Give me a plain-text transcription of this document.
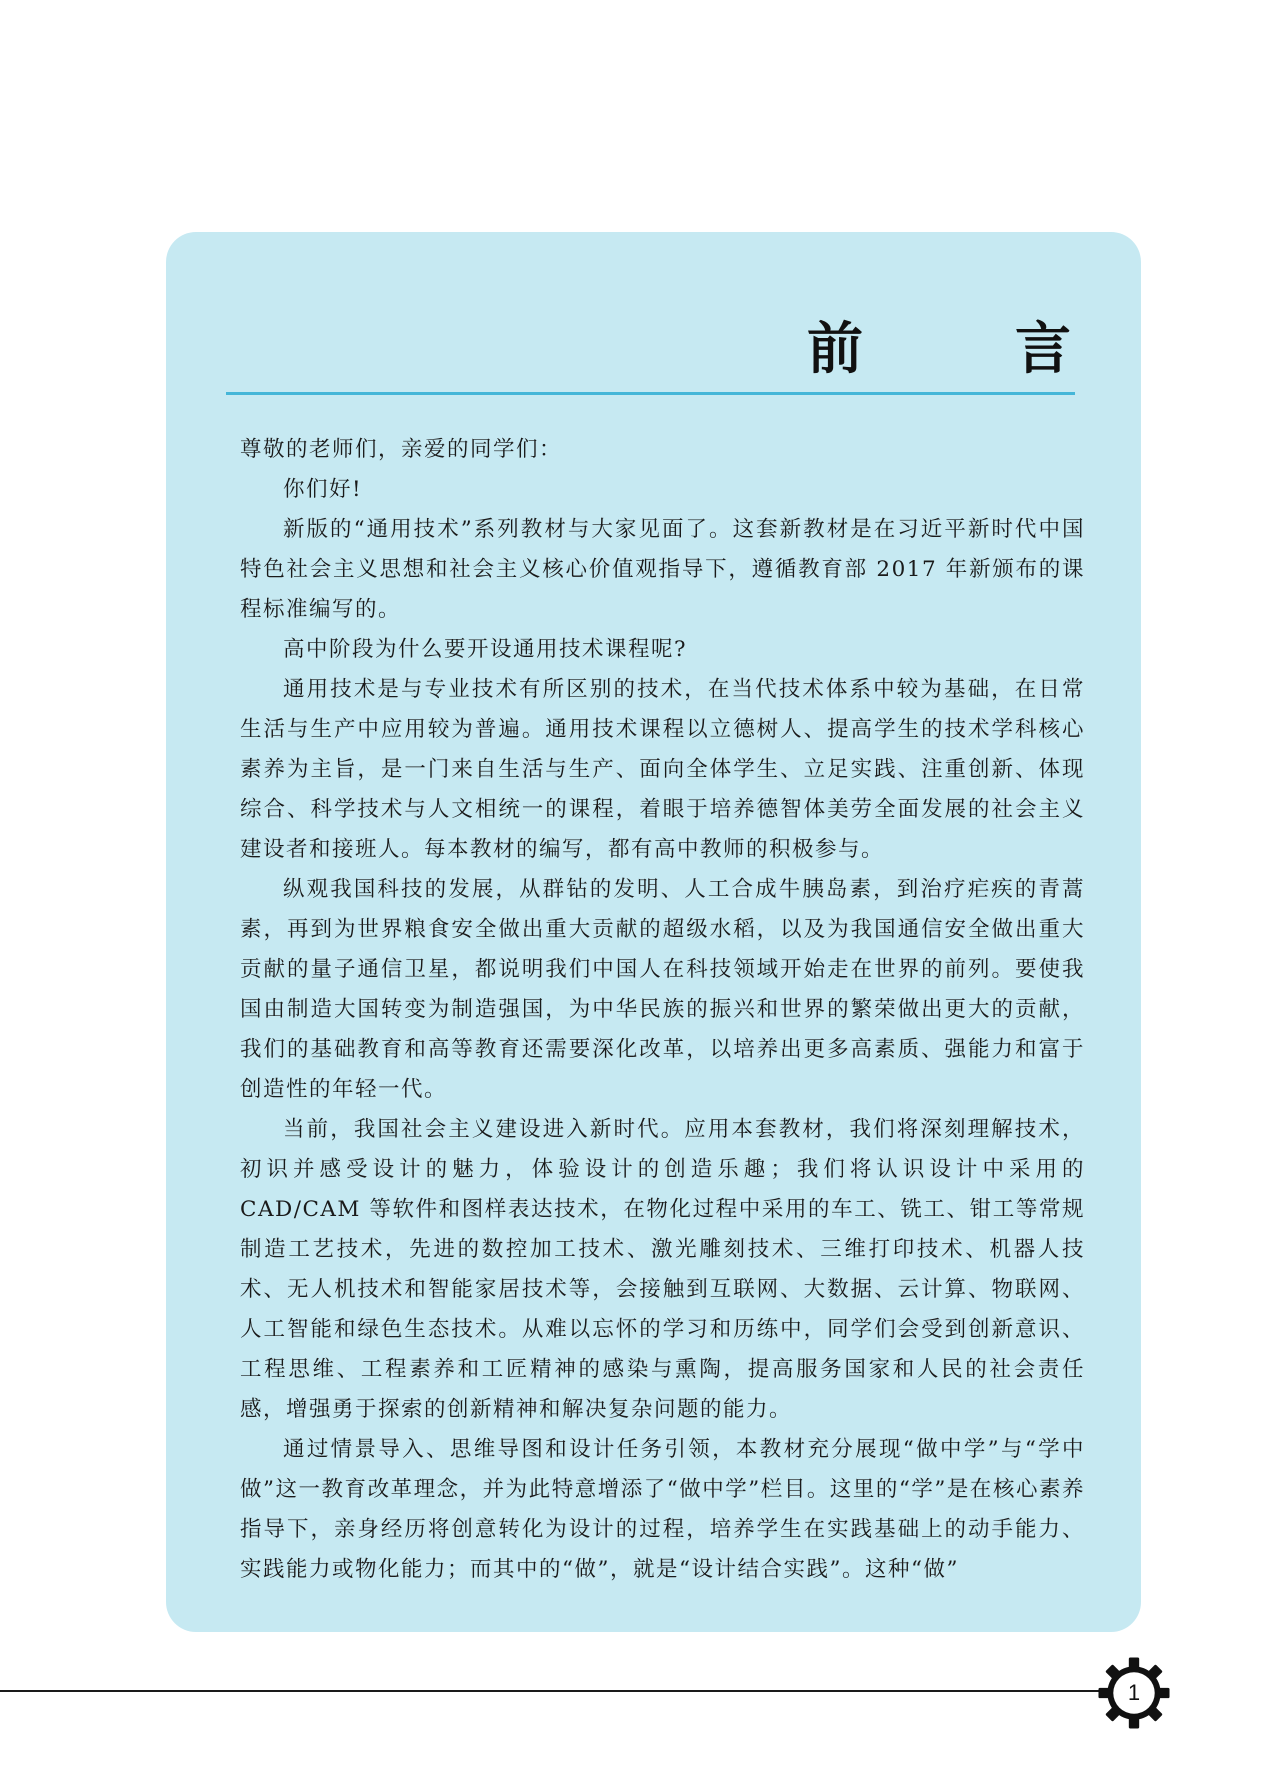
前　言

尊敬的老师们，亲爱的同学们：

你们好!

新版的“通用技术”系列教材与大家见面了。这套新教材是在习近平新时代中国特色社会主义思想和社会主义核心价值观指导下，遵循教育部 2017 年新颁布的课程标准编写的。

高中阶段为什么要开设通用技术课程呢?

通用技术是与专业技术有所区别的技术，在当代技术体系中较为基础，在日常生活与生产中应用较为普遍。通用技术课程以立德树人、提高学生的技术学科核心素养为主旨，是一门来自生活与生产、面向全体学生、立足实践、注重创新、体现综合、科学技术与人文相统一的课程，着眼于培养德智体美劳全面发展的社会主义建设者和接班人。每本教材的编写，都有高中教师的积极参与。

纵观我国科技的发展，从群钻的发明、人工合成牛胰岛素，到治疗疟疾的青蒿素，再到为世界粮食安全做出重大贡献的超级水稻，以及为我国通信安全做出重大贡献的量子通信卫星，都说明我们中国人在科技领域开始走在世界的前列。要使我国由制造大国转变为制造强国，为中华民族的振兴和世界的繁荣做出更大的贡献，我们的基础教育和高等教育还需要深化改革，以培养出更多高素质、强能力和富于创造性的年轻一代。

当前，我国社会主义建设进入新时代。应用本套教材，我们将深刻理解技术，初识并感受设计的魅力，体验设计的创造乐趣；我们将认识设计中采用的 CAD/CAM 等软件和图样表达技术，在物化过程中采用的车工、铣工、钳工等常规制造工艺技术，先进的数控加工技术、激光雕刻技术、三维打印技术、机器人技术、无人机技术和智能家居技术等，会接触到互联网、大数据、云计算、物联网、人工智能和绿色生态技术。从难以忘怀的学习和历练中，同学们会受到创新意识、工程思维、工程素养和工匠精神的感染与熏陶，提高服务国家和人民的社会责任感，增强勇于探索的创新精神和解决复杂问题的能力。

通过情景导入、思维导图和设计任务引领，本教材充分展现“做中学”与“学中做”这一教育改革理念，并为此特意增添了“做中学”栏目。这里的“学”是在核心素养指导下，亲身经历将创意转化为设计的过程，培养学生在实践基础上的动手能力、实践能力或物化能力；而其中的“做”，就是“设计结合实践”。这种“做”

1
